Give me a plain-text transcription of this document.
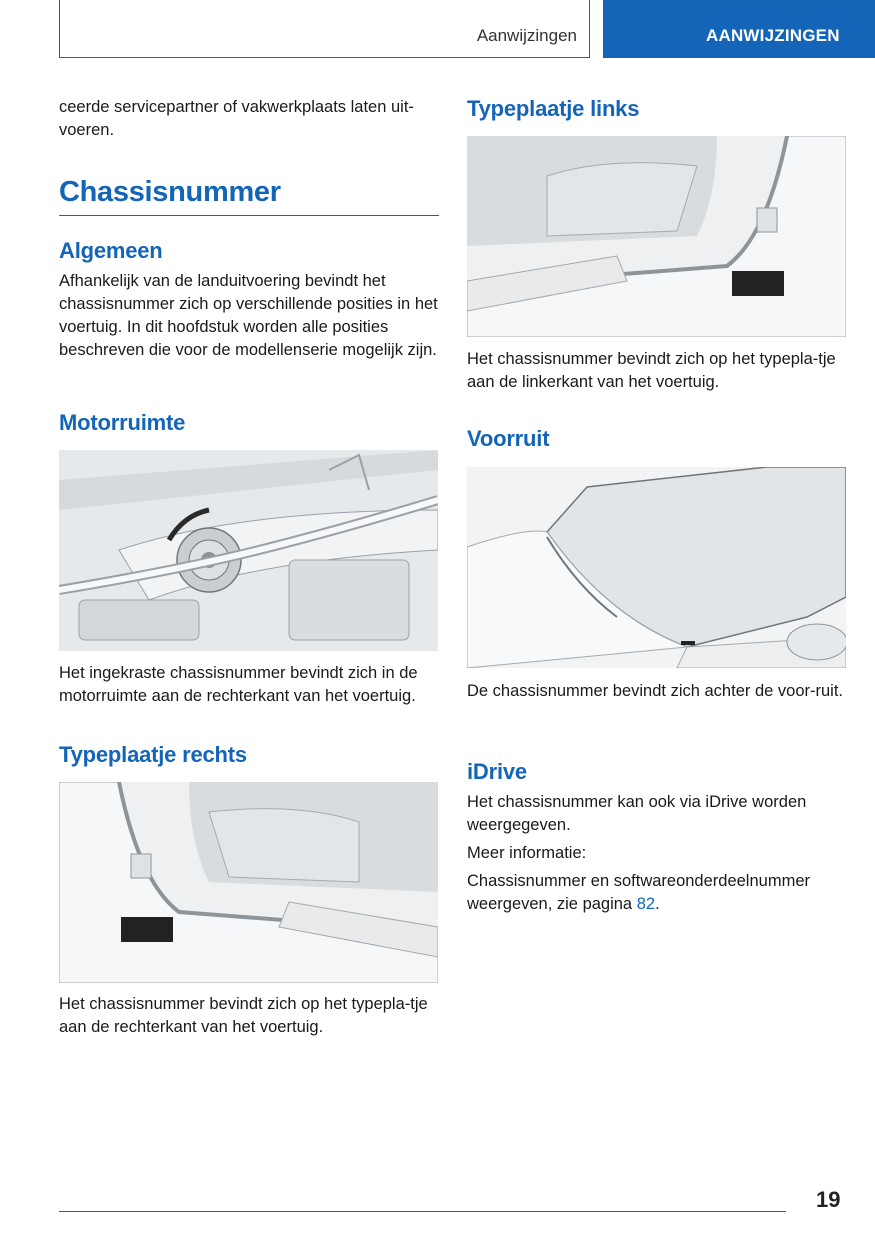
Aanwijzingen	AANWIJZINGEN

ceerde servicepartner of vakwerkplaats laten uit-voeren.

Chassisnummer
Algemeen

Afhankelijk van de landuitvoering bevindt het chassisnummer zich op verschillende posities in het voertuig. In dit hoofdstuk worden alle posities beschreven die voor de modellenserie mogelijk zijn.

Motorruimte

Het ingekraste chassisnummer bevindt zich in de motorruimte aan de rechterkant van het voertuig.

Typeplaatje rechts

Het chassisnummer bevindt zich op het typepla-tje aan de rechterkant van het voertuig.

Typeplaatje links

Het chassisnummer bevindt zich op het typepla-tje aan de linkerkant van het voertuig.

Voorruit

De chassisnummer bevindt zich achter de voor-ruit.

iDrive

Het chassisnummer kan ook via iDrive worden weergegeven.

Meer informatie:

Chassisnummer en softwareonderdeelnummer weergeven, zie pagina 82.

19
